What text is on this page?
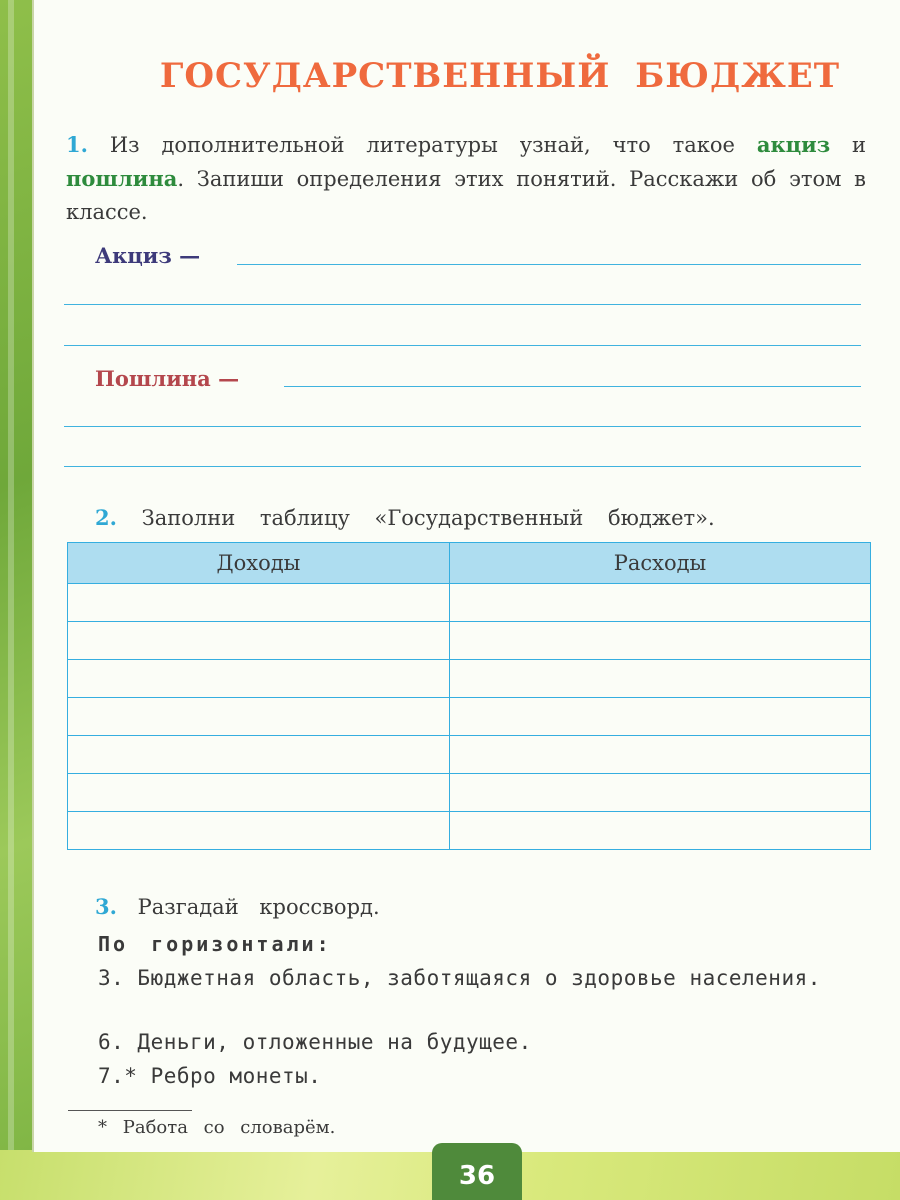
ГОСУДАРСТВЕННЫЙ БЮДЖЕТ
1. Из дополнительной литературы узнай, что такое акциз и пошлина. Запиши определения этих понятий. Расскажи об этом в классе.
Акциз —
Пошлина —
2. Заполни таблицу «Государственный бюджет».
Доходы	Расходы

3. Разгадай кроссворд.
По горизонтали:
3. Бюджетная область, заботящаяся о здоровье населения.
6. Деньги, отложенные на будущее.
7.* Ребро монеты.
* Работа со словарём.
36
